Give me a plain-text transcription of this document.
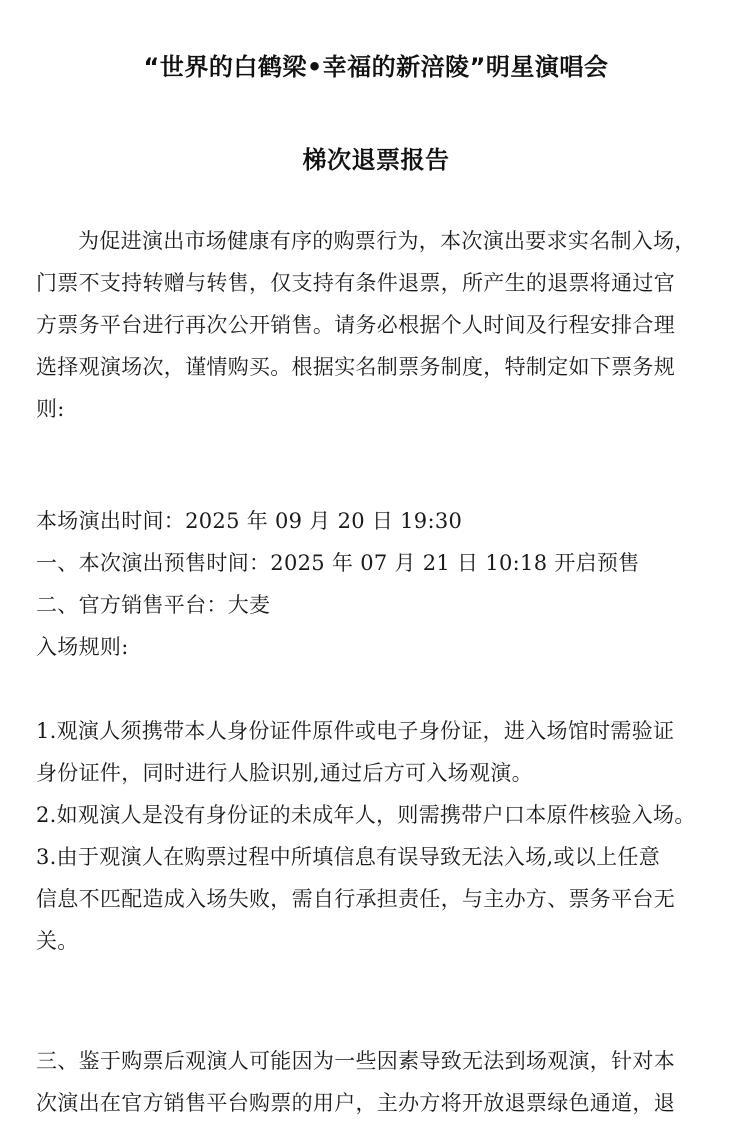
“世界的白鹤梁•幸福的新涪陵”明星演唱会
梯次退票报告
为促进演出市场健康有序的购票行为，本次演出要求实名制入场，
门票不支持转赠与转售，仅支持有条件退票，所产生的退票将通过官
方票务平台进行再次公开销售。请务必根据个人时间及行程安排合理
选择观演场次，谨情购买。根据实名制票务制度，特制定如下票务规
则:
本场演出时间：2025 年 09 月 20 日 19:30
一、本次演出预售时间：2025 年 07 月 21 日 10:18 开启预售
二、官方销售平台：大麦
入场规则:
1.观演人须携带本人身份证件原件或电子身份证，进入场馆时需验证
身份证件，同时进行人脸识别,通过后方可入场观演。
2.如观演人是没有身份证的未成年人，则需携带户口本原件核验入场。
3.由于观演人在购票过程中所填信息有误导致无法入场,或以上任意
信息不匹配造成入场失败，需自行承担责任，与主办方、票务平台无
关。
三、鉴于购票后观演人可能因为一些因素导致无法到场观演，针对本
次演出在官方销售平台购票的用户，主办方将开放退票绿色通道，退
